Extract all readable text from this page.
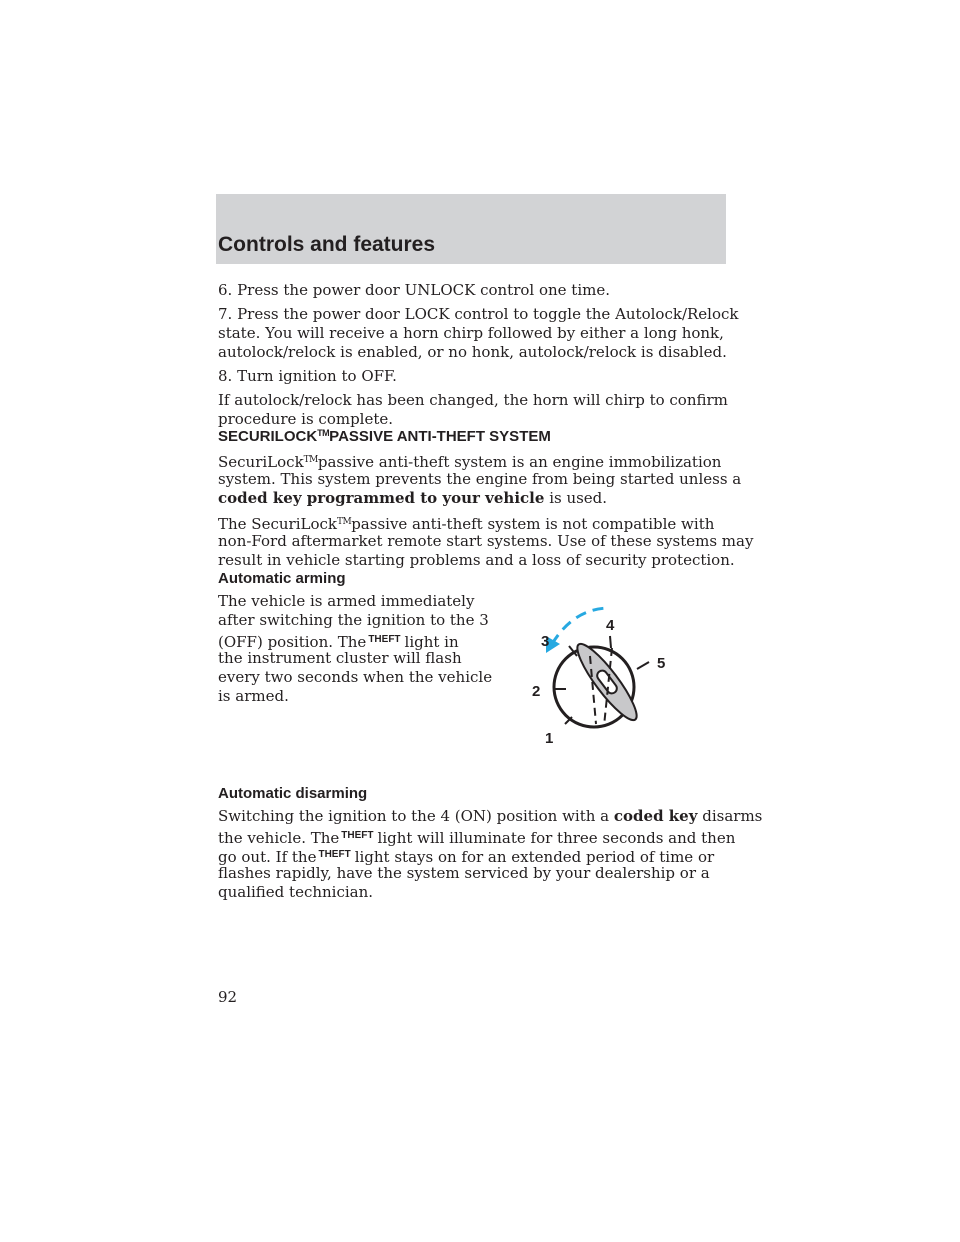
Controls and features
6. Press the power door UNLOCK control one time.
7. Press the power door LOCK control to toggle the Autolock/Relock
state. You will receive a horn chirp followed by either a long honk,
autolock/relock is enabled, or no honk, autolock/relock is disabled.
8. Turn ignition to OFF.
If autolock/relock has been changed, the horn will chirp to confirm
procedure is complete.
SECURILOCK™PASSIVE ANTI-THEFT SYSTEM
SecuriLock™passive anti-theft system is an engine immobilization
system. This system prevents the engine from being started unless a
coded key programmed to your vehicle is used.
The SecuriLock™passive anti-theft system is not compatible with
non-Ford aftermarket remote start systems. Use of these systems may
result in vehicle starting problems and a loss of security protection.
Automatic arming
The vehicle is armed immediately
after switching the ignition to the 3
(OFF) position. The $^{THEFT}$ light in
the instrument cluster will flash
every two seconds when the vehicle
is armed.
3
4
5
2
1
Automatic disarming
Switching the ignition to the 4 (ON) position with a coded key disarms
the vehicle. The $^{THEFT}$ light will illuminate for three seconds and then
go out. If the $^{THEFT}$ light stays on for an extended period of time or
flashes rapidly, have the system serviced by your dealership or a
qualified technician.
92
